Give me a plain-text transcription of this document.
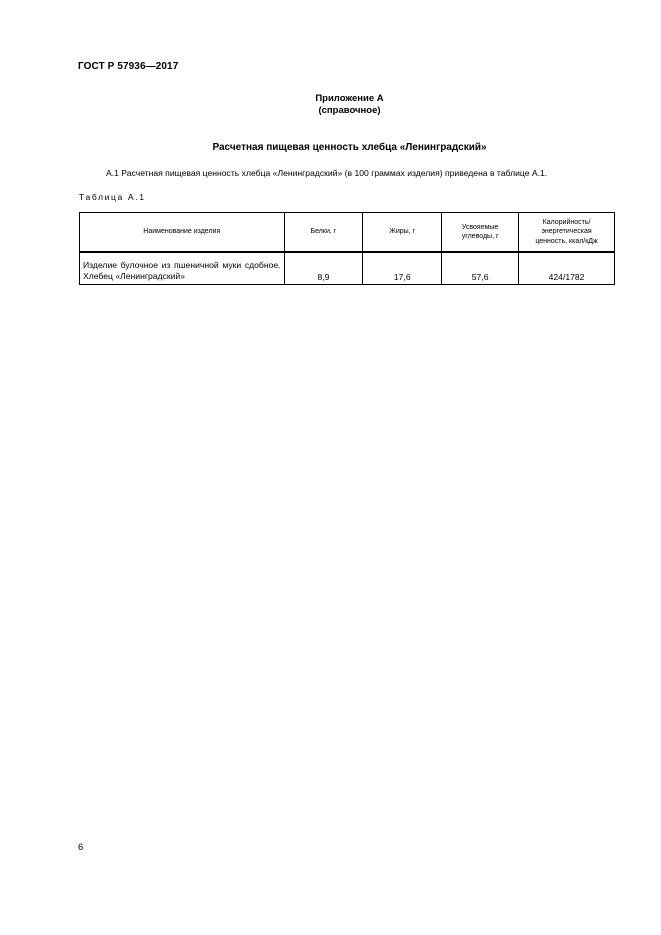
ГОСТ Р 57936—2017
Приложение А
(справочное)
Расчетная пищевая ценность хлебца «Ленинградский»
А.1 Расчетная пищевая ценность хлебца «Ленинградский» (в 100 граммах изделия) приведена в таблице А.1.
Таблица А.1
Наименование изделия	Белки, г	Жиры, г	Усвояемые углеводы, г	Калорийность/ энергетическая ценность, ккал/кДж
Изделие булочное из пшеничной муки сдобное. Хлебец «Ленинградский»	8,9	17,6	57,6	424/1782
6
